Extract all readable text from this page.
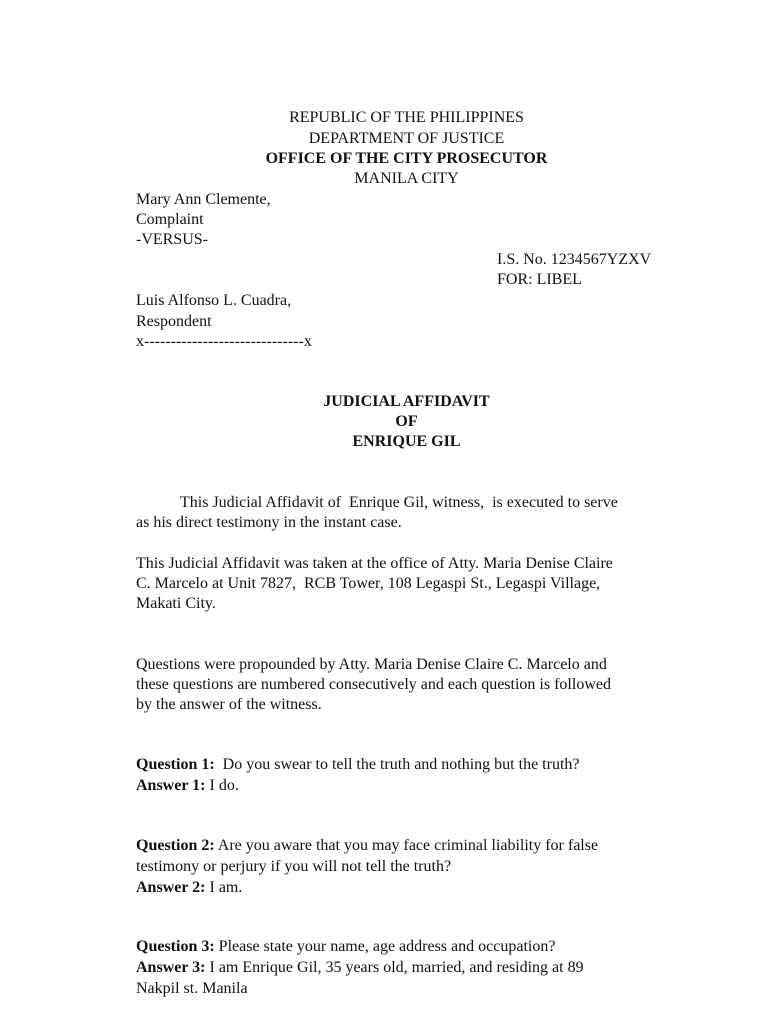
REPUBLIC OF THE PHILIPPINES
DEPARTMENT OF JUSTICE
OFFICE OF THE CITY PROSECUTOR
MANILA CITY
Mary Ann Clemente,
Complaint
-VERSUS-
I.S. No. 1234567YZXV
FOR: LIBEL
Luis Alfonso L. Cuadra,
Respondent
x------------------------------x
JUDICIAL AFFIDAVIT
OF
ENRIQUE GIL
This Judicial Affidavit of  Enrique Gil, witness,  is executed to serve
as his direct testimony in the instant case.
This Judicial Affidavit was taken at the office of Atty. Maria Denise Claire
C. Marcelo at Unit 7827,  RCB Tower, 108 Legaspi St., Legaspi Village,
Makati City.
Questions were propounded by Atty. Maria Denise Claire C. Marcelo and
these questions are numbered consecutively and each question is followed
by the answer of the witness.
Question 1:  Do you swear to tell the truth and nothing but the truth?
Answer 1: I do.
Question 2: Are you aware that you may face criminal liability for false
testimony or perjury if you will not tell the truth?
Answer 2: I am.
Question 3: Please state your name, age address and occupation?
Answer 3: I am Enrique Gil, 35 years old, married, and residing at 89
Nakpil st. Manila
